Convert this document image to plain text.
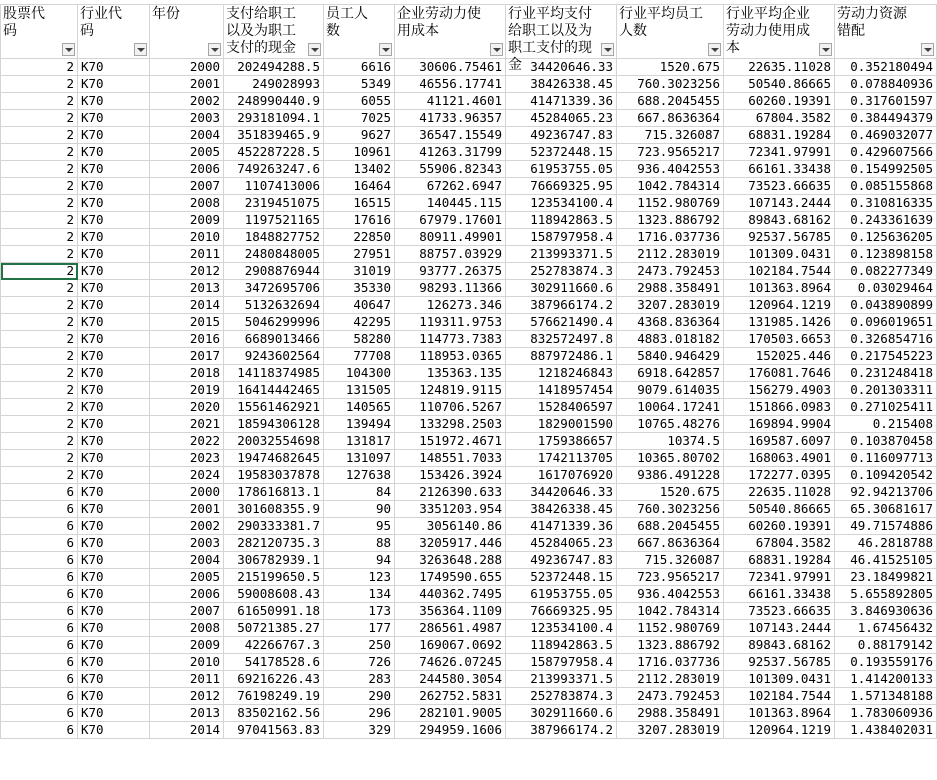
股票代码	行业代码	年份	支付给职工以及为职工支付的现金	员工人数	企业劳动力使用成本	行业平均支付给职工以及为职工支付的现金	行业平均员工人数	行业平均企业劳动力使用成本	劳动力资源错配

2	K70	2000	202494288.5	6616	30606.75461	34420646.33	1520.675	22635.11028	0.352180494
2	K70	2001	249028993	5349	46556.17741	38426338.45	760.3023256	50540.86665	0.078840936
2	K70	2002	248990440.9	6055	41121.4601	41471339.36	688.2045455	60260.19391	0.317601597
2	K70	2003	293181094.1	7025	41733.96357	45284065.23	667.8636364	67804.3582	0.384494379
2	K70	2004	351839465.9	9627	36547.15549	49236747.83	715.326087	68831.19284	0.469032077
2	K70	2005	452287228.5	10961	41263.31799	52372448.15	723.9565217	72341.97991	0.429607566
2	K70	2006	749263247.6	13402	55906.82343	61953755.05	936.4042553	66161.33438	0.154992505
2	K70	2007	1107413006	16464	67262.6947	76669325.95	1042.784314	73523.66635	0.085155868
2	K70	2008	2319451075	16515	140445.115	123534100.4	1152.980769	107143.2444	0.310816335
2	K70	2009	1197521165	17616	67979.17601	118942863.5	1323.886792	89843.68162	0.243361639
2	K70	2010	1848827752	22850	80911.49901	158797958.4	1716.037736	92537.56785	0.125636205
2	K70	2011	2480848005	27951	88757.03929	213993371.5	2112.283019	101309.0431	0.123898158
2	K70	2012	2908876944	31019	93777.26375	252783874.3	2473.792453	102184.7544	0.082277349
2	K70	2013	3472695706	35330	98293.11366	302911660.6	2988.358491	101363.8964	0.03029464
2	K70	2014	5132632694	40647	126273.346	387966174.2	3207.283019	120964.1219	0.043890899
2	K70	2015	5046299996	42295	119311.9753	576621490.4	4368.836364	131985.1426	0.096019651
2	K70	2016	6689013466	58280	114773.7383	832572497.8	4883.018182	170503.6653	0.326854716
2	K70	2017	9243602564	77708	118953.0365	887972486.1	5840.946429	152025.446	0.217545223
2	K70	2018	14118374985	104300	135363.135	1218246843	6918.642857	176081.7646	0.231248418
2	K70	2019	16414442465	131505	124819.9115	1418957454	9079.614035	156279.4903	0.201303311
2	K70	2020	15561462921	140565	110706.5267	1528406597	10064.17241	151866.0983	0.271025411
2	K70	2021	18594306128	139494	133298.2503	1829001590	10765.48276	169894.9904	0.215408
2	K70	2022	20032554698	131817	151972.4671	1759386657	10374.5	169587.6097	0.103870458
2	K70	2023	19474682645	131097	148551.7033	1742113705	10365.80702	168063.4901	0.116097713
2	K70	2024	19583037878	127638	153426.3924	1617076920	9386.491228	172277.0395	0.109420542
6	K70	2000	178616813.1	84	2126390.633	34420646.33	1520.675	22635.11028	92.94213706
6	K70	2001	301608355.9	90	3351203.954	38426338.45	760.3023256	50540.86665	65.30681617
6	K70	2002	290333381.7	95	3056140.86	41471339.36	688.2045455	60260.19391	49.71574886
6	K70	2003	282120735.3	88	3205917.446	45284065.23	667.8636364	67804.3582	46.2818788
6	K70	2004	306782939.1	94	3263648.288	49236747.83	715.326087	68831.19284	46.41525105
6	K70	2005	215199650.5	123	1749590.655	52372448.15	723.9565217	72341.97991	23.18499821
6	K70	2006	59008608.43	134	440362.7495	61953755.05	936.4042553	66161.33438	5.655892805
6	K70	2007	61650991.18	173	356364.1109	76669325.95	1042.784314	73523.66635	3.846930636
6	K70	2008	50721385.27	177	286561.4987	123534100.4	1152.980769	107143.2444	1.67456432
6	K70	2009	42266767.3	250	169067.0692	118942863.5	1323.886792	89843.68162	0.88179142
6	K70	2010	54178528.6	726	74626.07245	158797958.4	1716.037736	92537.56785	0.193559176
6	K70	2011	69216226.43	283	244580.3054	213993371.5	2112.283019	101309.0431	1.414200133
6	K70	2012	76198249.19	290	262752.5831	252783874.3	2473.792453	102184.7544	1.571348188
6	K70	2013	83502162.56	296	282101.9005	302911660.6	2988.358491	101363.8964	1.783060936
6	K70	2014	97041563.83	329	294959.1606	387966174.2	3207.283019	120964.1219	1.438402031
